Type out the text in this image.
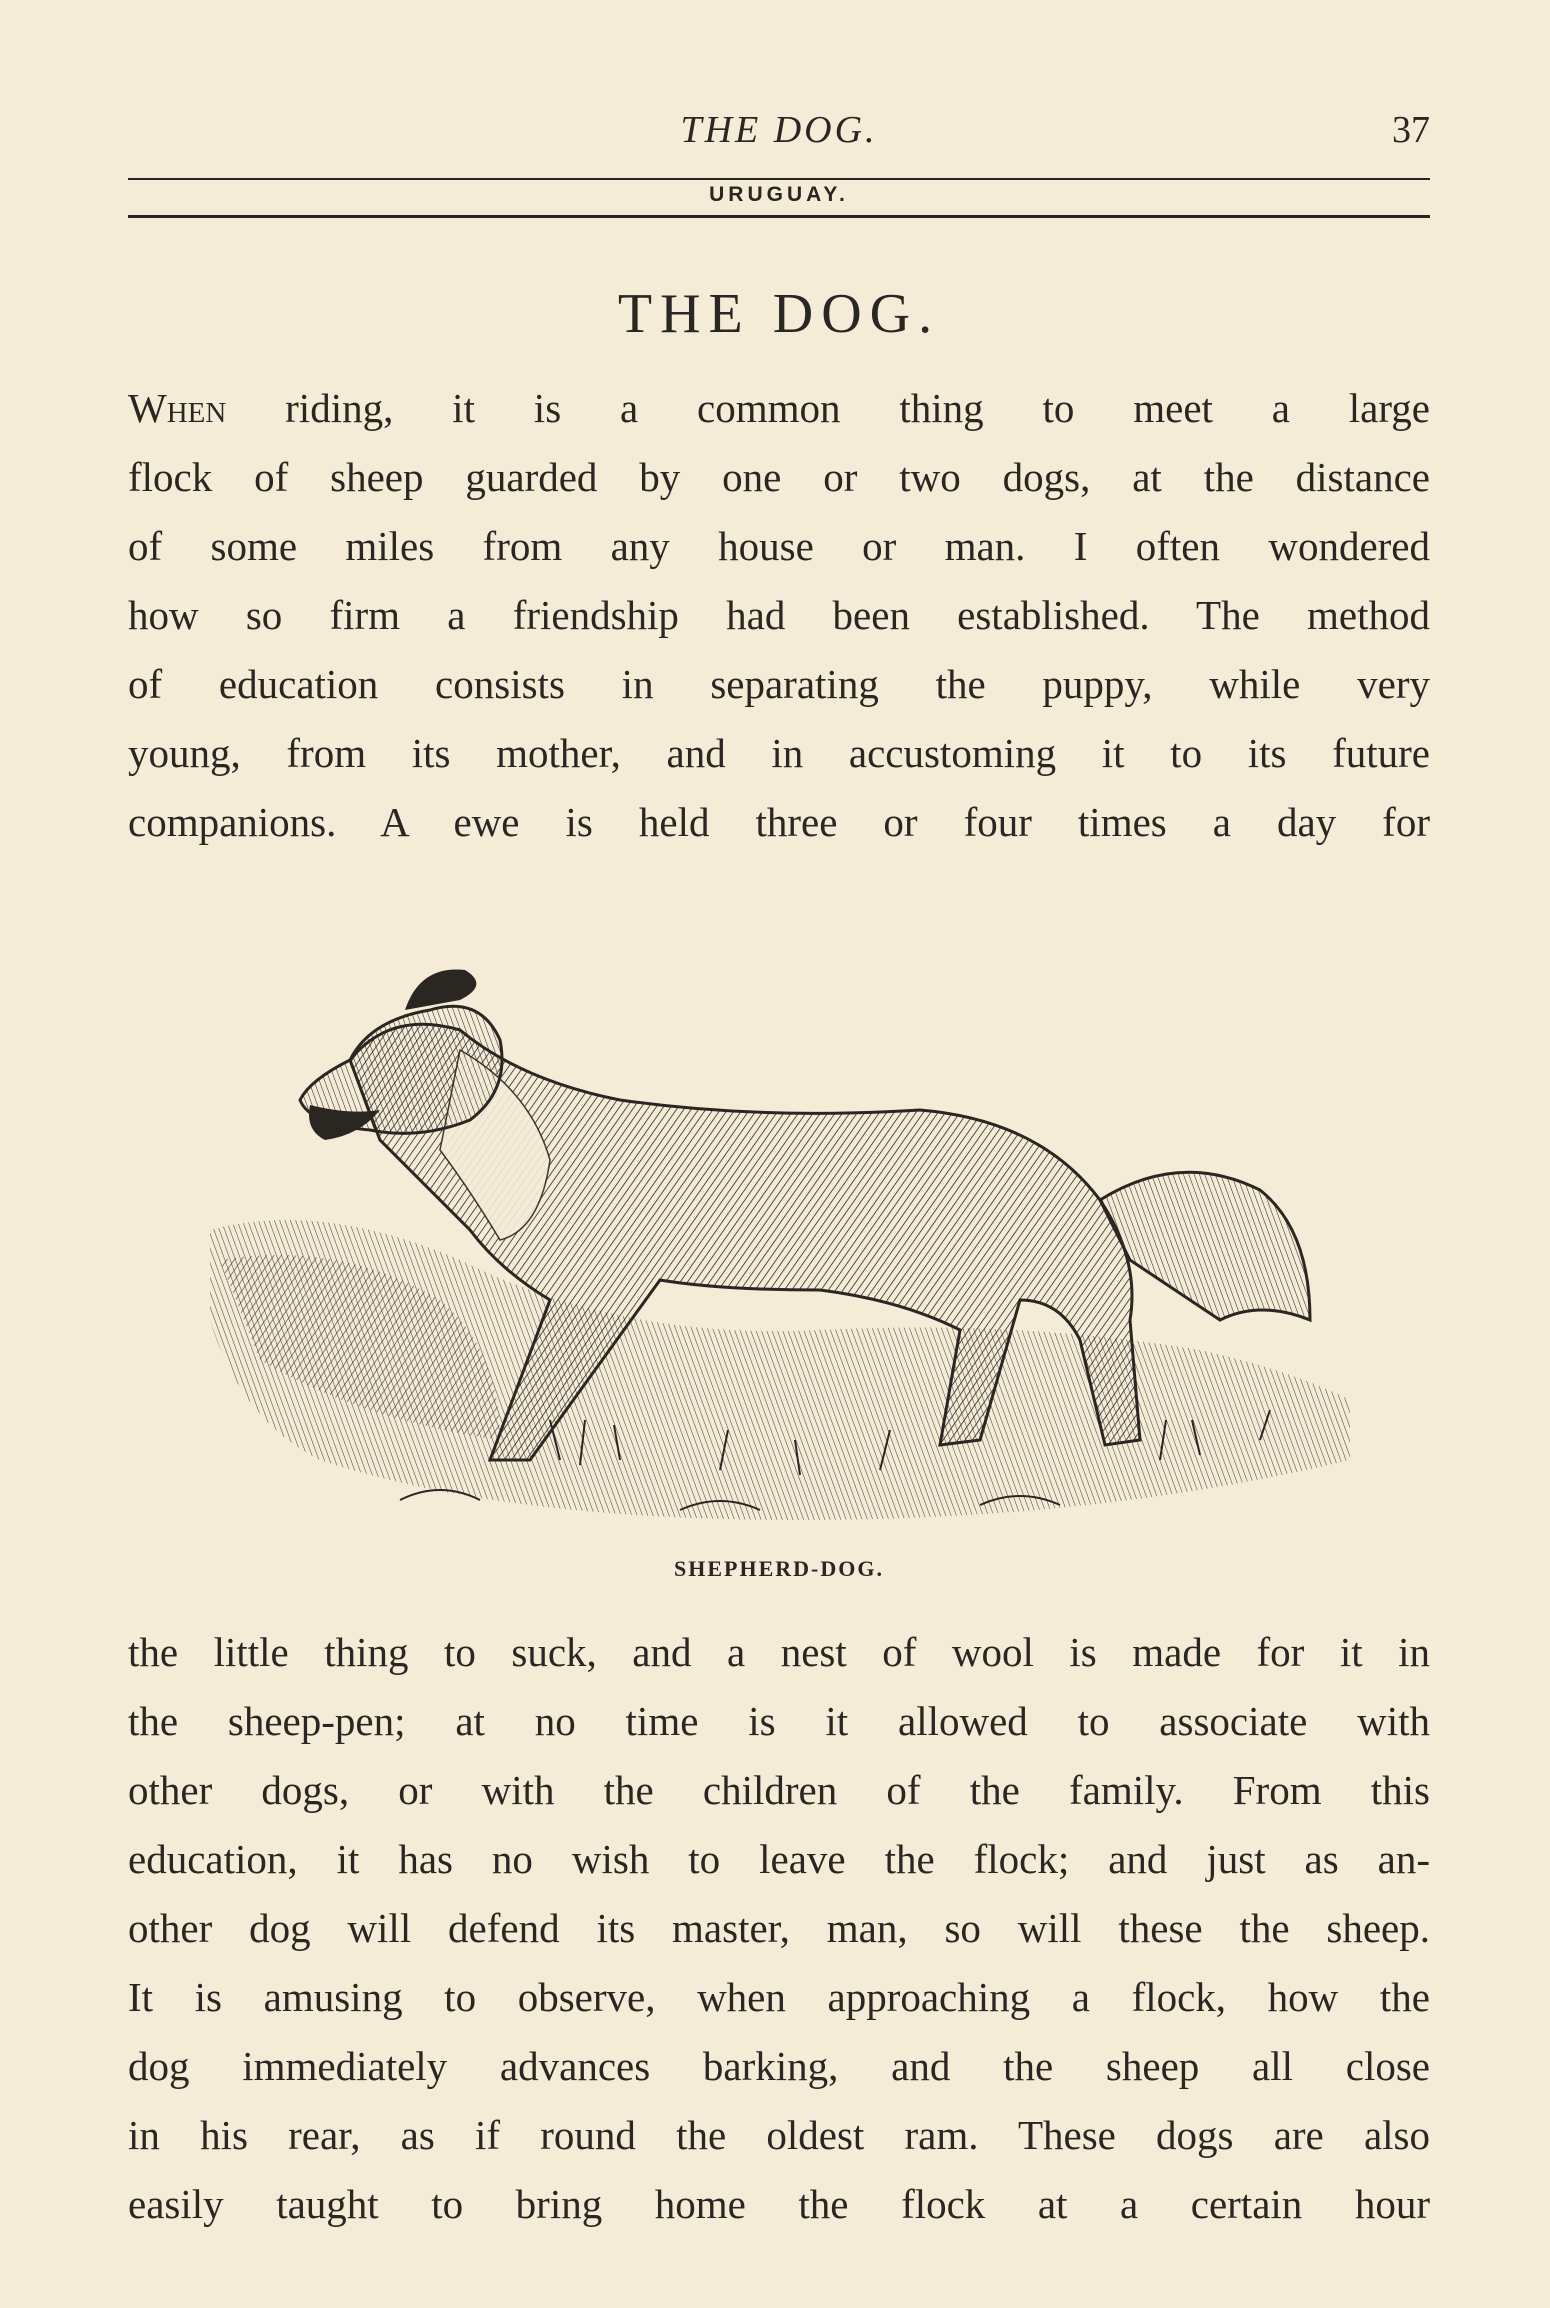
THE DOG.	37
URUGUAY.
THE DOG.
When riding, it is a common thing to meet a large
flock of sheep guarded by one or two dogs, at the distance
of some miles from any house or man. I often wondered
how so firm a friendship had been established. The method
of education consists in separating the puppy, while very
young, from its mother, and in accustoming it to its future
companions. A ewe is held three or four times a day for
SHEPHERD-DOG.
the little thing to suck, and a nest of wool is made for it in
the sheep-pen; at no time is it allowed to associate with
other dogs, or with the children of the family. From this
education, it has no wish to leave the flock; and just as an-
other dog will defend its master, man, so will these the sheep.
It is amusing to observe, when approaching a flock, how the
dog immediately advances barking, and the sheep all close
in his rear, as if round the oldest ram. These dogs are also
easily taught to bring home the flock at a certain hour
